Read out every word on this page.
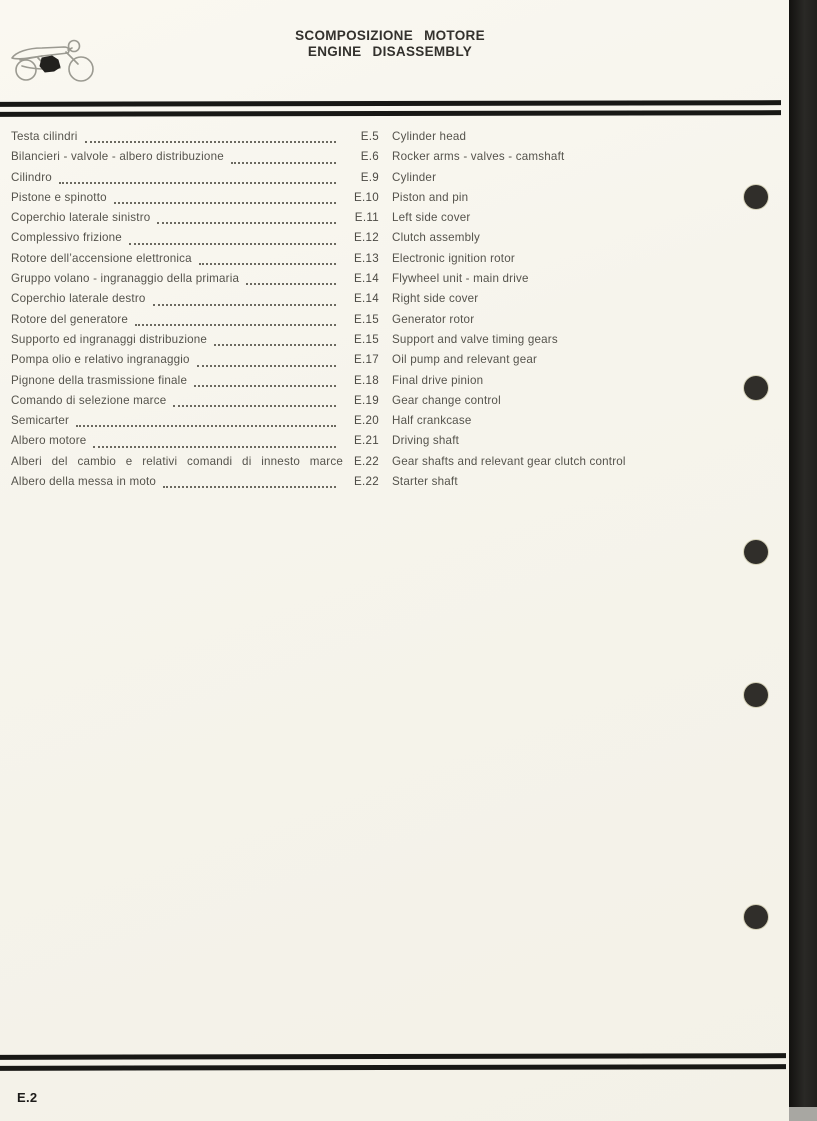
SCOMPOSIZIONE MOTORE
ENGINE DISASSEMBLY
Testa cilindri	E.5 Cylinder head
Bilancieri - valvole - albero distribuzione	E.6 Rocker arms - valves - camshaft
Cilindro	E.9 Cylinder
Pistone e spinotto	E.10 Piston and pin
Coperchio laterale sinistro	E.11 Left side cover
Complessivo frizione	E.12 Clutch assembly
Rotore dell’accensione elettronica	E.13 Electronic ignition rotor
Gruppo volano - ingranaggio della primaria	E.14 Flywheel unit - main drive
Coperchio laterale destro	E.14 Right side cover
Rotore del generatore	E.15 Generator rotor
Supporto ed ingranaggi distribuzione	E.15 Support and valve timing gears
Pompa olio e relativo ingranaggio	E.17 Oil pump and relevant gear
Pignone della trasmissione finale	E.18 Final drive pinion
Comando di selezione marce	E.19 Gear change control
Semicarter	E.20 Half crankcase
Albero motore	E.21 Driving shaft
Alberi del cambio e relativi comandi di innesto marce E.22 Gear shafts and relevant gear clutch control
Albero della messa in moto	E.22 Starter shaft
E.2
